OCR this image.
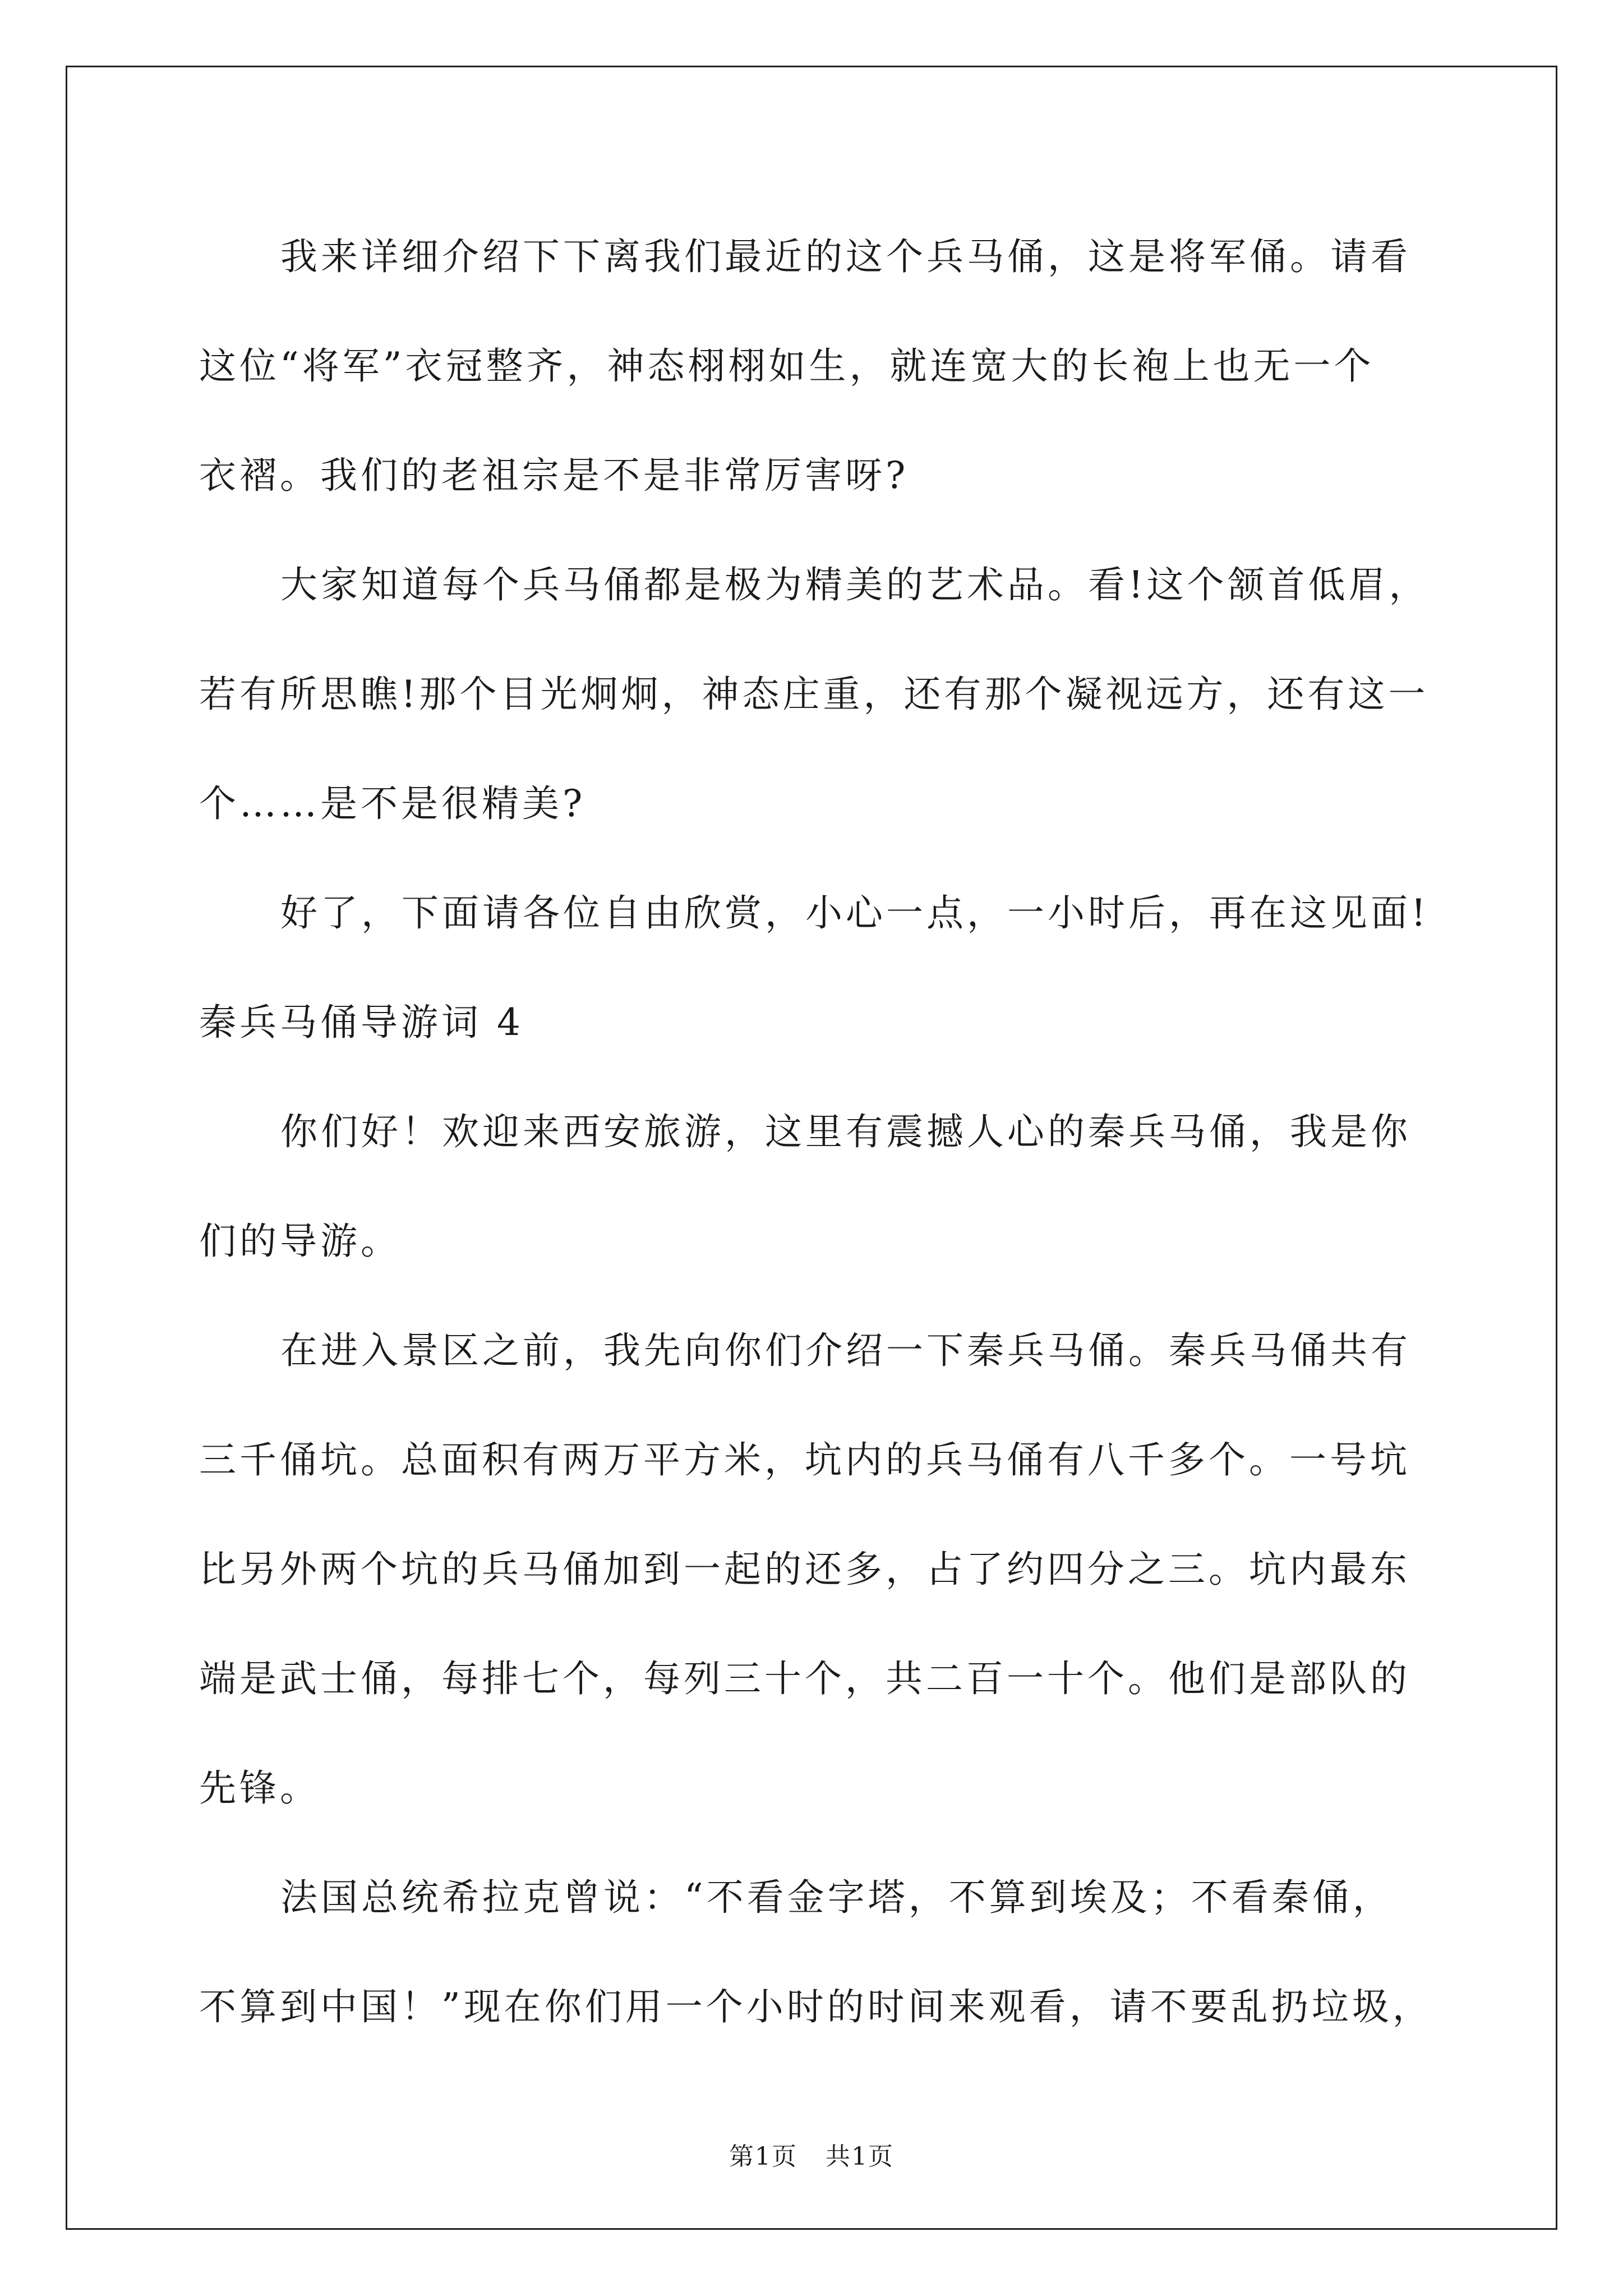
我来详细介绍下下离我们最近的这个兵马俑，这是将军俑。请看
这位“将军”衣冠整齐，神态栩栩如生，就连宽大的长袍上也无一个
衣褶。我们的老祖宗是不是非常厉害呀?
大家知道每个兵马俑都是极为精美的艺术品。看!这个颔首低眉，
若有所思瞧!那个目光炯炯，神态庄重，还有那个凝视远方，还有这一
个……是不是很精美?
好了，下面请各位自由欣赏，小心一点，一小时后，再在这见面!
秦兵马俑导游词 4
你们好！欢迎来西安旅游，这里有震撼人心的秦兵马俑，我是你
们的导游。
在进入景区之前，我先向你们介绍一下秦兵马俑。秦兵马俑共有
三千俑坑。总面积有两万平方米，坑内的兵马俑有八千多个。一号坑
比另外两个坑的兵马俑加到一起的还多，占了约四分之三。坑内最东
端是武士俑，每排七个，每列三十个，共二百一十个。他们是部队的
先锋。
法国总统希拉克曾说：“不看金字塔，不算到埃及；不看秦俑，
不算到中国！”现在你们用一个小时的时间来观看，请不要乱扔垃圾，
第1页 共1页
